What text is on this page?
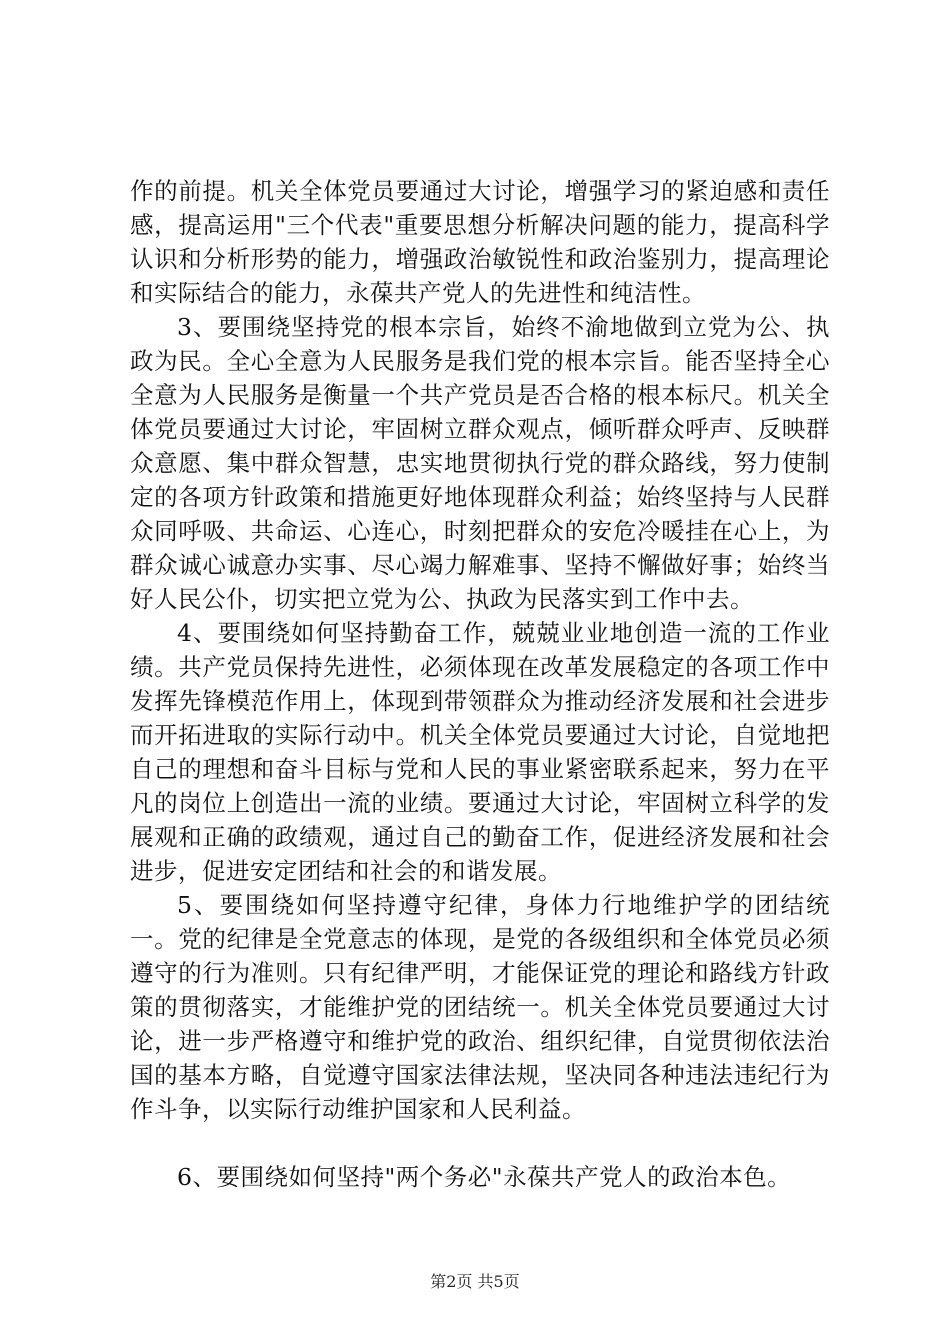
作的前提。机关全体党员要通过大讨论，增强学习的紧迫感和责任感，提高运用"三个代表"重要思想分析解决问题的能力，提高科学认识和分析形势的能力，增强政治敏锐性和政治鉴别力，提高理论和实际结合的能力，永葆共产党人的先进性和纯洁性。

3、要围绕坚持党的根本宗旨，始终不渝地做到立党为公、执政为民。全心全意为人民服务是我们党的根本宗旨。能否坚持全心全意为人民服务是衡量一个共产党员是否合格的根本标尺。机关全体党员要通过大讨论，牢固树立群众观点，倾听群众呼声、反映群众意愿、集中群众智慧，忠实地贯彻执行党的群众路线，努力使制定的各项方针政策和措施更好地体现群众利益；始终坚持与人民群众同呼吸、共命运、心连心，时刻把群众的安危冷暖挂在心上，为群众诚心诚意办实事、尽心竭力解难事、坚持不懈做好事；始终当好人民公仆，切实把立党为公、执政为民落实到工作中去。

4、要围绕如何坚持勤奋工作，兢兢业业地创造一流的工作业绩。共产党员保持先进性，必须体现在改革发展稳定的各项工作中发挥先锋模范作用上，体现到带领群众为推动经济发展和社会进步而开拓进取的实际行动中。机关全体党员要通过大讨论，自觉地把自己的理想和奋斗目标与党和人民的事业紧密联系起来，努力在平凡的岗位上创造出一流的业绩。要通过大讨论，牢固树立科学的发展观和正确的政绩观，通过自己的勤奋工作，促进经济发展和社会进步，促进安定团结和社会的和谐发展。

5、要围绕如何坚持遵守纪律，身体力行地维护学的团结统一。党的纪律是全党意志的体现，是党的各级组织和全体党员必须遵守的行为准则。只有纪律严明，才能保证党的理论和路线方针政策的贯彻落实，才能维护党的团结统一。机关全体党员要通过大讨论，进一步严格遵守和维护党的政治、组织纪律，自觉贯彻依法治国的基本方略，自觉遵守国家法律法规，坚决同各种违法违纪行为作斗争，以实际行动维护国家和人民利益。

6、要围绕如何坚持"两个务必"永葆共产党人的政治本色。

第2页 共5页
